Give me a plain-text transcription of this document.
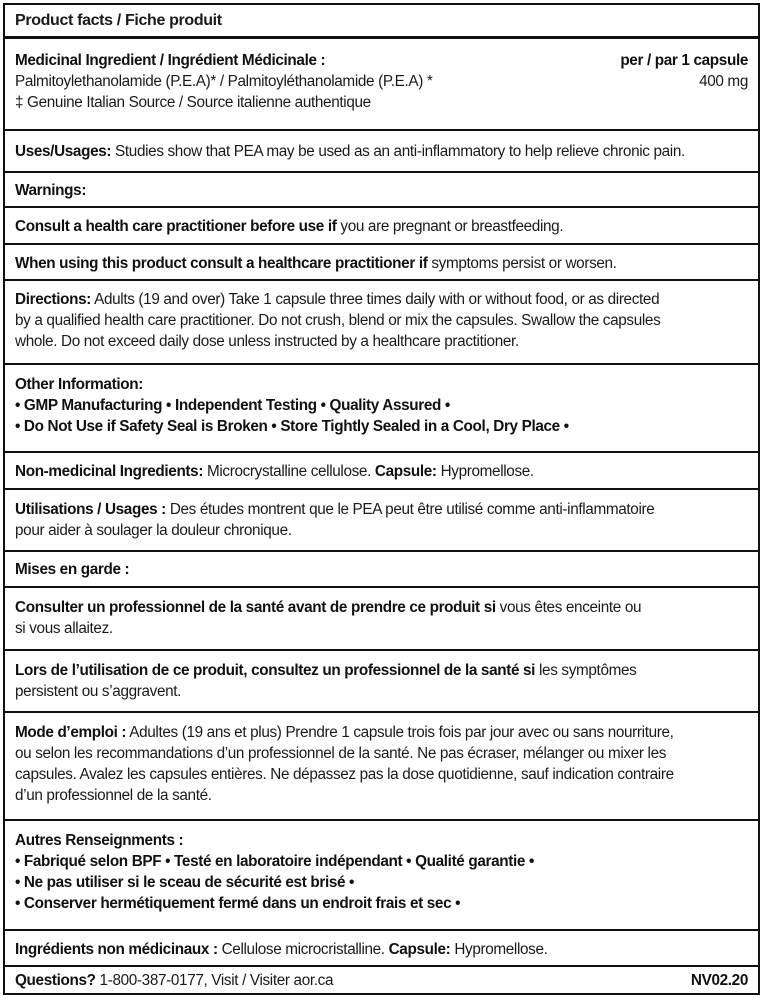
Product facts / Fiche produit
Medicinal Ingredient / Ingrédient Médicinale :	per / par 1 capsule
Palmitoylethanolamide (P.E.A)* / Palmitoyléthanolamide (P.E.A) *	400 mg
‡ Genuine Italian Source / Source italienne authentique
Uses/Usages: Studies show that PEA may be used as an anti-inflammatory to help relieve chronic pain.
Warnings:
Consult a health care practitioner before use if you are pregnant or breastfeeding.
When using this product consult a healthcare practitioner if symptoms persist or worsen.
Directions: Adults (19 and over) Take 1 capsule three times daily with or without food, or as directed
by a qualified health care practitioner. Do not crush, blend or mix the capsules. Swallow the capsules
whole. Do not exceed daily dose unless instructed by a healthcare practitioner.
Other Information:
• GMP Manufacturing • Independent Testing • Quality Assured •
• Do Not Use if Safety Seal is Broken • Store Tightly Sealed in a Cool, Dry Place •
Non-medicinal Ingredients: Microcrystalline cellulose. Capsule: Hypromellose.
Utilisations / Usages : Des études montrent que le PEA peut être utilisé comme anti-inflammatoire
pour aider à soulager la douleur chronique.
Mises en garde :
Consulter un professionnel de la santé avant de prendre ce produit si vous êtes enceinte ou
si vous allaitez.
Lors de l’utilisation de ce produit, consultez un professionnel de la santé si les symptômes
persistent ou s’aggravent.
Mode d’emploi : Adultes (19 ans et plus) Prendre 1 capsule trois fois par jour avec ou sans nourriture,
ou selon les recommandations d’un professionnel de la santé. Ne pas écraser, mélanger ou mixer les
capsules. Avalez les capsules entières. Ne dépassez pas la dose quotidienne, sauf indication contraire
d’un professionnel de la santé.
Autres Renseignments :
• Fabriqué selon BPF • Testé en laboratoire indépendant • Qualité garantie •
• Ne pas utiliser si le sceau de sécurité est brisé •
• Conserver hermétiquement fermé dans un endroit frais et sec •
Ingrédients non médicinaux : Cellulose microcristalline. Capsule: Hypromellose.
Questions? 1-800-387-0177, Visit / Visiter aor.ca	NV02.20
